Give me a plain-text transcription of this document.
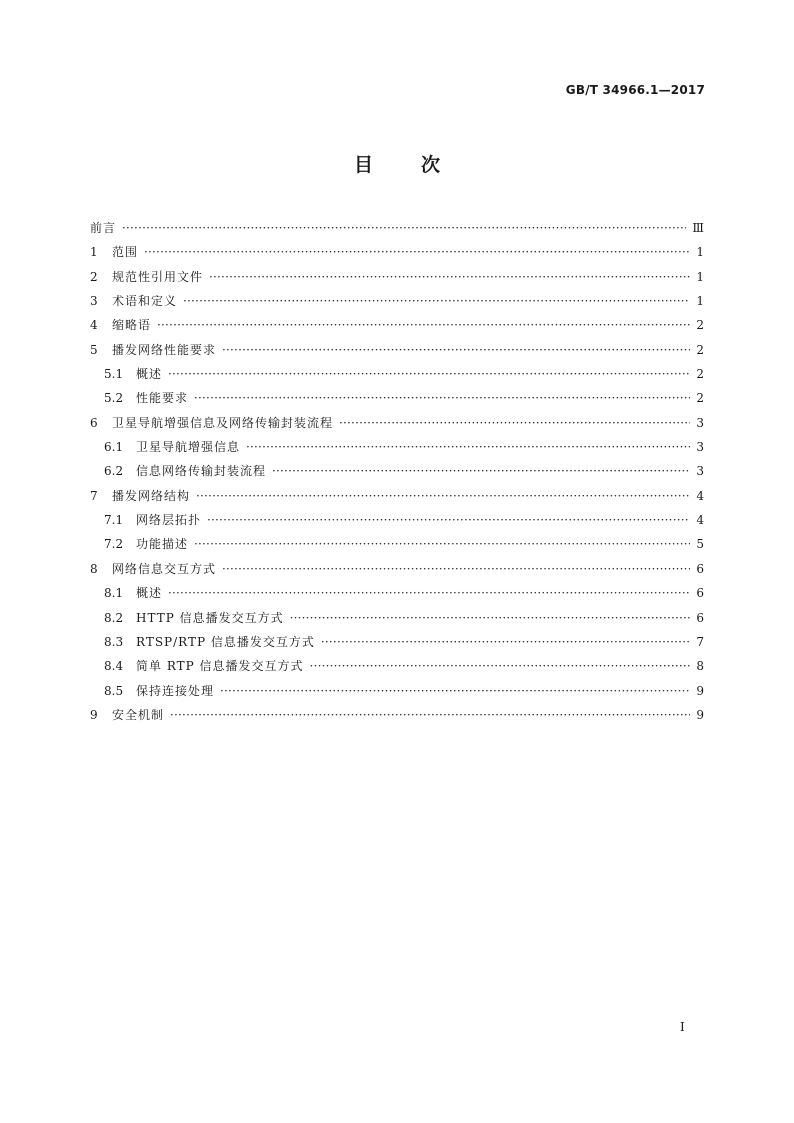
GB/T 34966.1—2017
目	次
前言 ·····	Ⅲ
1	范围 ·····	1
2	规范性引用文件 ·····	1
3	术语和定义 ·····	1
4	缩略语 ·····	2
5	播发网络性能要求 ·····	2
5.1	概述 ·····	2
5.2	性能要求 ·····	2
6	卫星导航增强信息及网络传输封装流程 ·····	3
6.1	卫星导航增强信息 ·····	3
6.2	信息网络传输封装流程 ·····	3
7	播发网络结构 ·····	4
7.1	网络层拓扑 ·····	4
7.2	功能描述 ·····	5
8	网络信息交互方式 ·····	6
8.1	概述 ·····	6
8.2	HTTP 信息播发交互方式 ·····	6
8.3	RTSP/RTP 信息播发交互方式 ·····	7
8.4	简单 RTP 信息播发交互方式 ·····	8
8.5	保持连接处理 ·····	9
9	安全机制 ·····	9
I
